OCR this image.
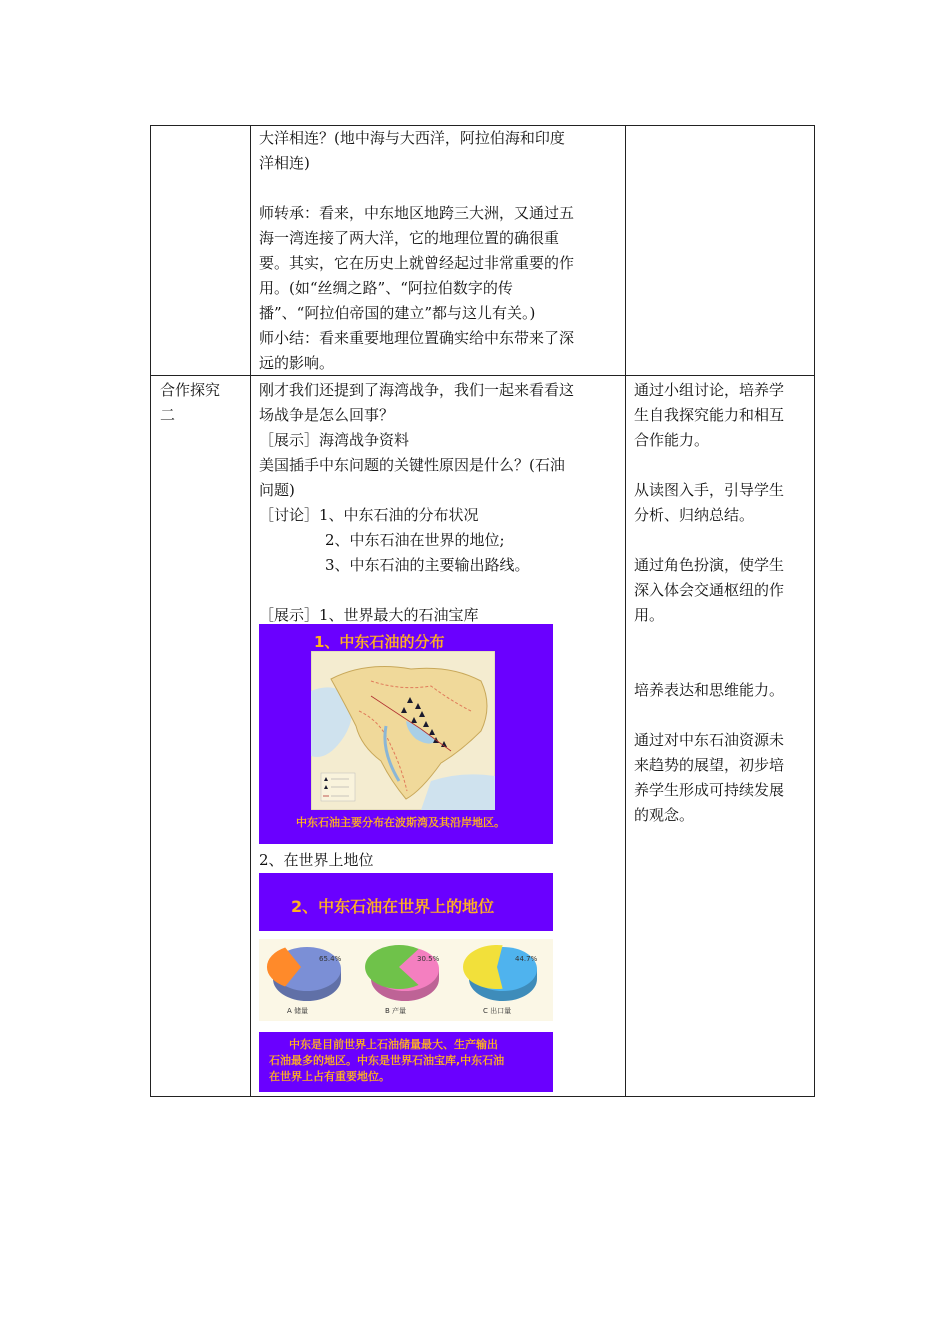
大洋相连？(地中海与大西洋，阿拉伯海和印度
洋相连)
师转承：看来，中东地区地跨三大洲，又通过五
海一湾连接了两大洋，它的地理位置的确很重
要。其实，它在历史上就曾经起过非常重要的作
用。(如“丝绸之路”、“阿拉伯数字的传
播”、“阿拉伯帝国的建立”都与这儿有关。)
师小结：看来重要地理位置确实给中东带来了深
远的影响。
合作探究
二
刚才我们还提到了海湾战争，我们一起来看看这
场战争是怎么回事？
［展示］海湾战争资料
美国插手中东问题的关键性原因是什么？(石油
问题)
［讨论］1、中东石油的分布状况
2、中东石油在世界的地位;
3、中东石油的主要输出路线。
［展示］1、世界最大的石油宝库
1、中东石油的分布
中东石油主要分布在波斯湾及其沿岸地区。
2、在世界上地位
2、中东石油在世界上的地位
65.4%
A 储量
30.5%
B 产量
44.7%
C 出口量
中东是目前世界上石油储量最大、生产输出
石油最多的地区。中东是世界石油宝库,中东石油
在世界上占有重要地位。
通过小组讨论，培养学
生自我探究能力和相互
合作能力。
从读图入手，引导学生
分析、归纳总结。
通过角色扮演，使学生
深入体会交通枢纽的作
用。
培养表达和思维能力。
通过对中东石油资源未
来趋势的展望，初步培
养学生形成可持续发展
的观念。
